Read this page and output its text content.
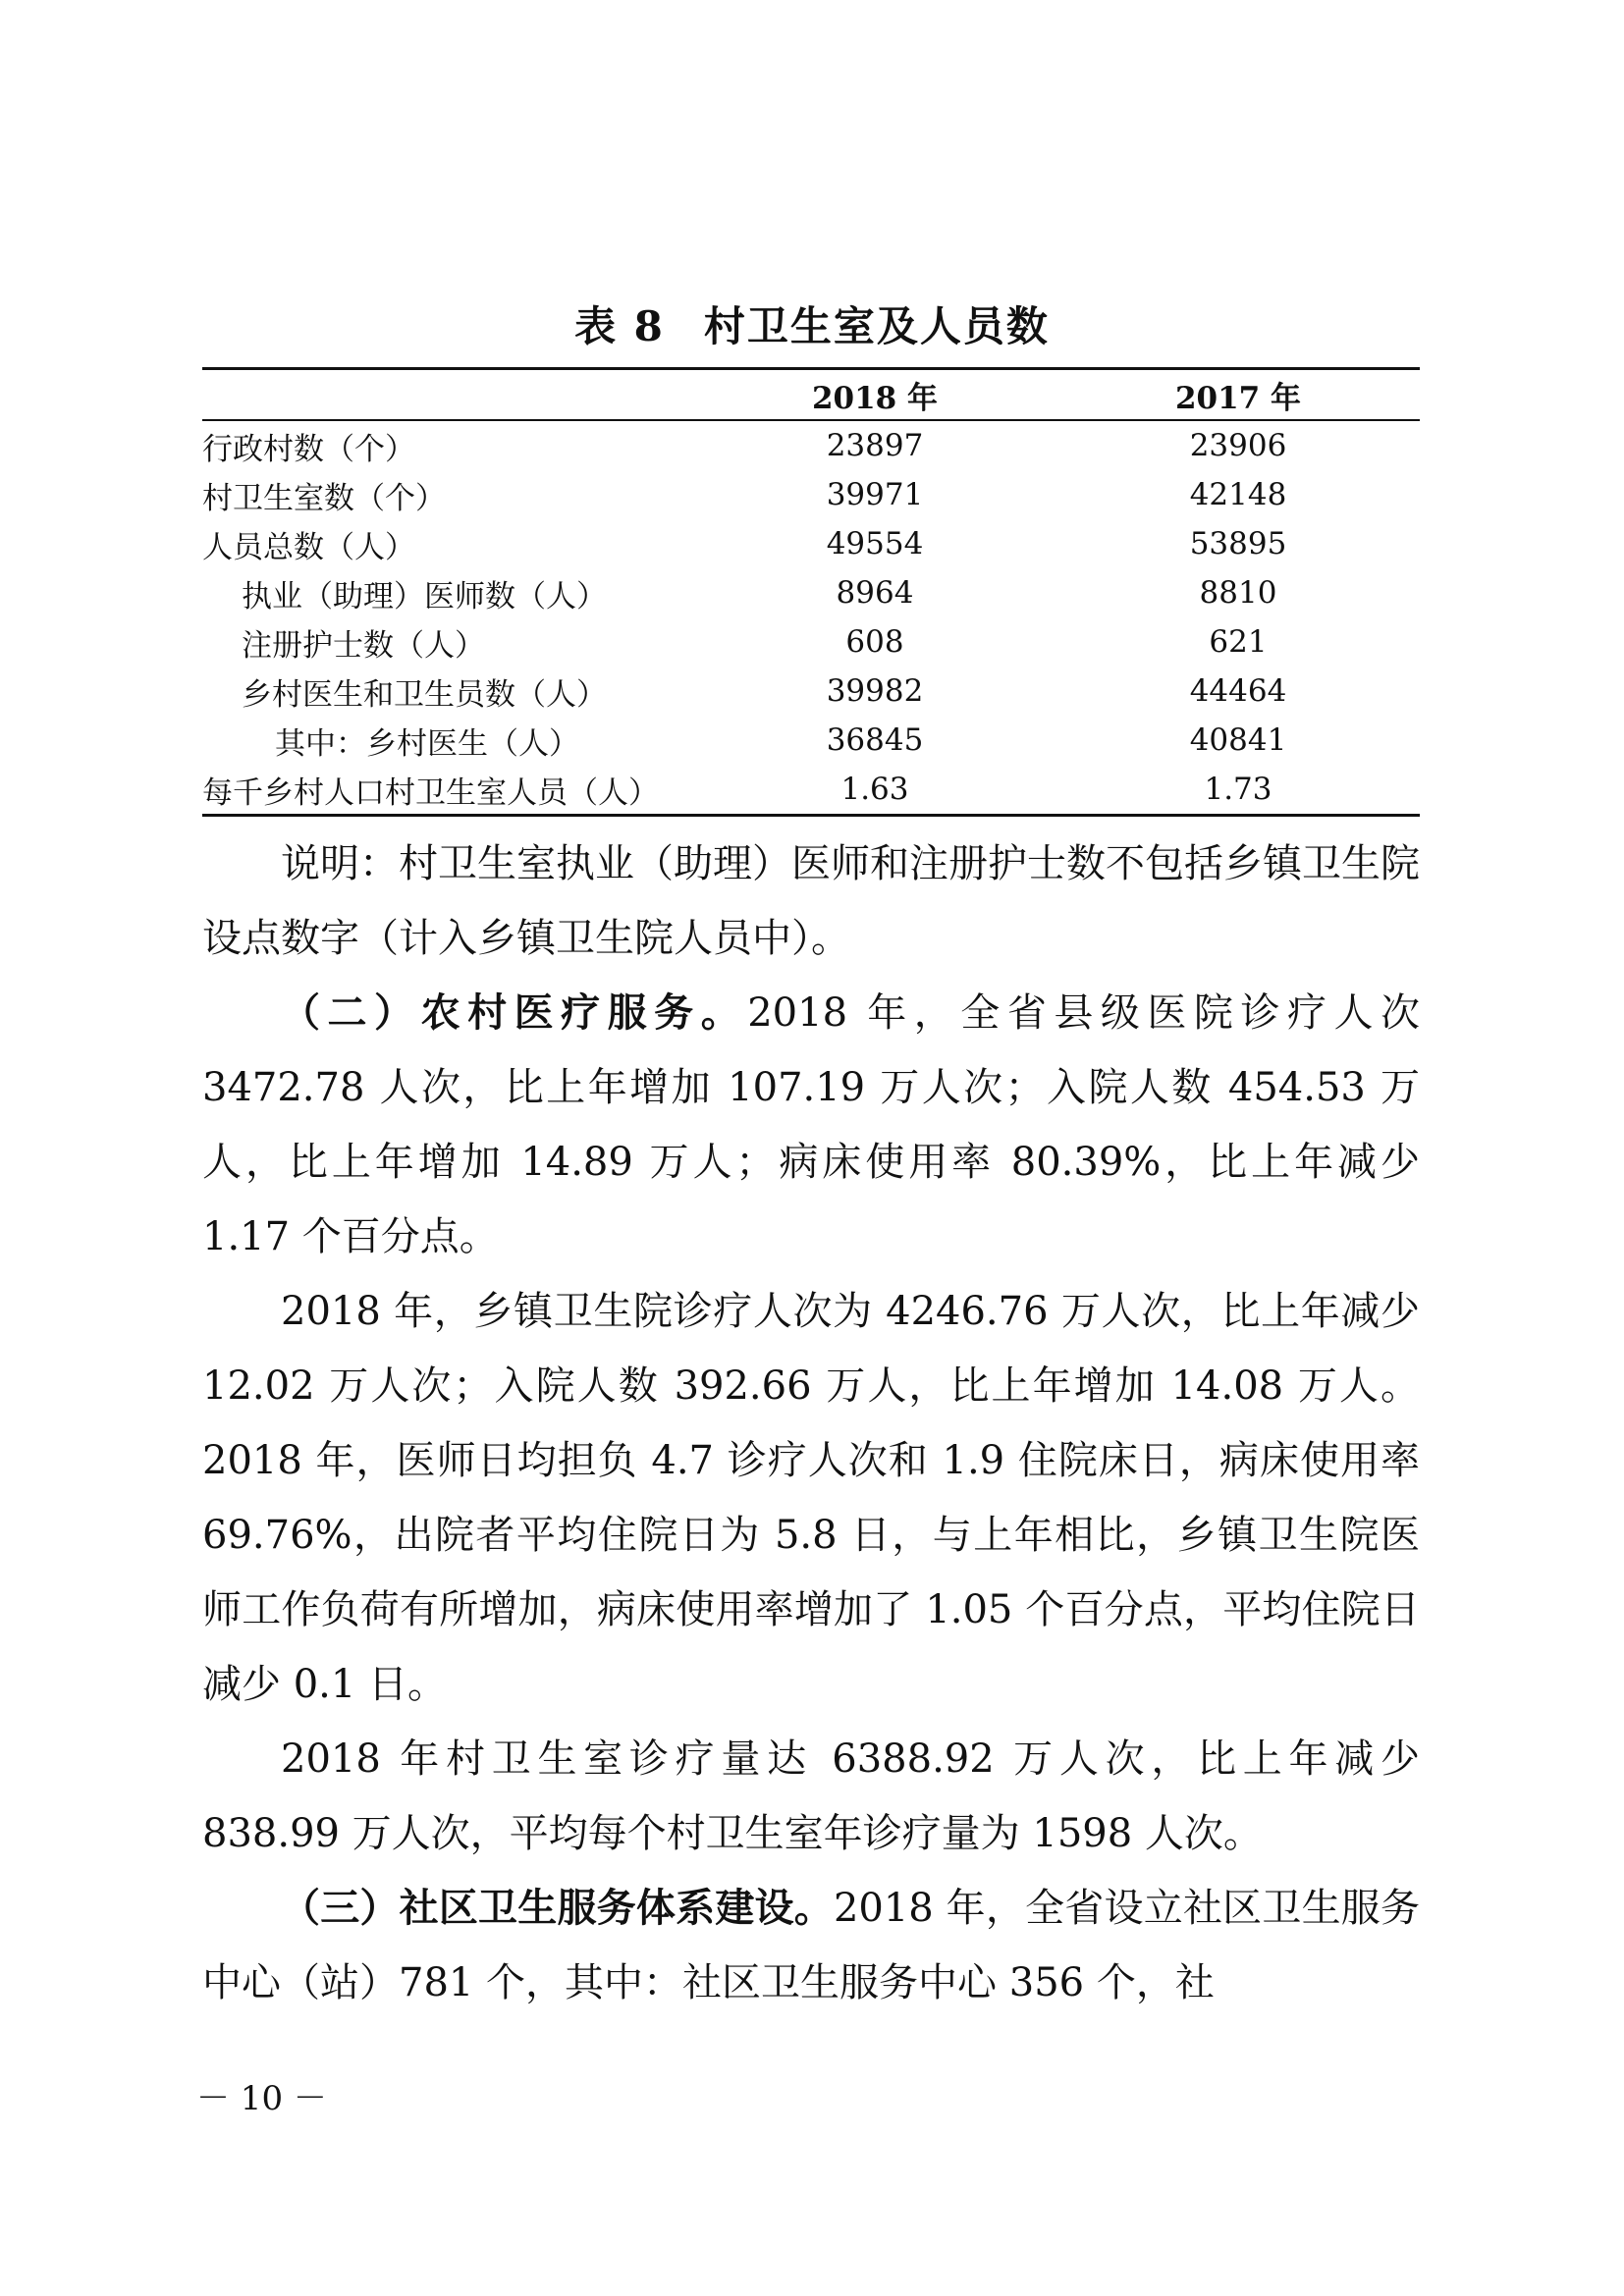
表 8 村卫生室及人员数
	2018 年	2017 年
行政村数（个）	23897	23906
村卫生室数（个）	39971	42148
人员总数（人）	49554	53895
执业（助理）医师数（人）	8964	8810
注册护士数（人）	608	621
乡村医生和卫生员数（人）	39982	44464
其中：乡村医生（人）	36845	40841
每千乡村人口村卫生室人员（人）	1.63	1.73

说明：村卫生室执业（助理）医师和注册护士数不包括乡镇卫生院设点数字（计入乡镇卫生院人员中）。

（二）农村医疗服务。2018 年，全省县级医院诊疗人次 3472.78 人次，比上年增加 107.19 万人次；入院人数 454.53 万人，比上年增加 14.89 万人；病床使用率 80.39%，比上年减少 1.17 个百分点。

2018 年，乡镇卫生院诊疗人次为 4246.76 万人次，比上年减少 12.02 万人次；入院人数 392.66 万人，比上年增加 14.08 万人。2018 年，医师日均担负 4.7 诊疗人次和 1.9 住院床日，病床使用率 69.76%，出院者平均住院日为 5.8 日，与上年相比，乡镇卫生院医师工作负荷有所增加，病床使用率增加了 1.05 个百分点，平均住院日减少 0.1 日。

2018 年村卫生室诊疗量达 6388.92 万人次，比上年减少 838.99 万人次，平均每个村卫生室年诊疗量为 1598 人次。

（三）社区卫生服务体系建设。2018 年，全省设立社区卫生服务中心（站）781 个，其中：社区卫生服务中心 356 个，社

－ 10 －
